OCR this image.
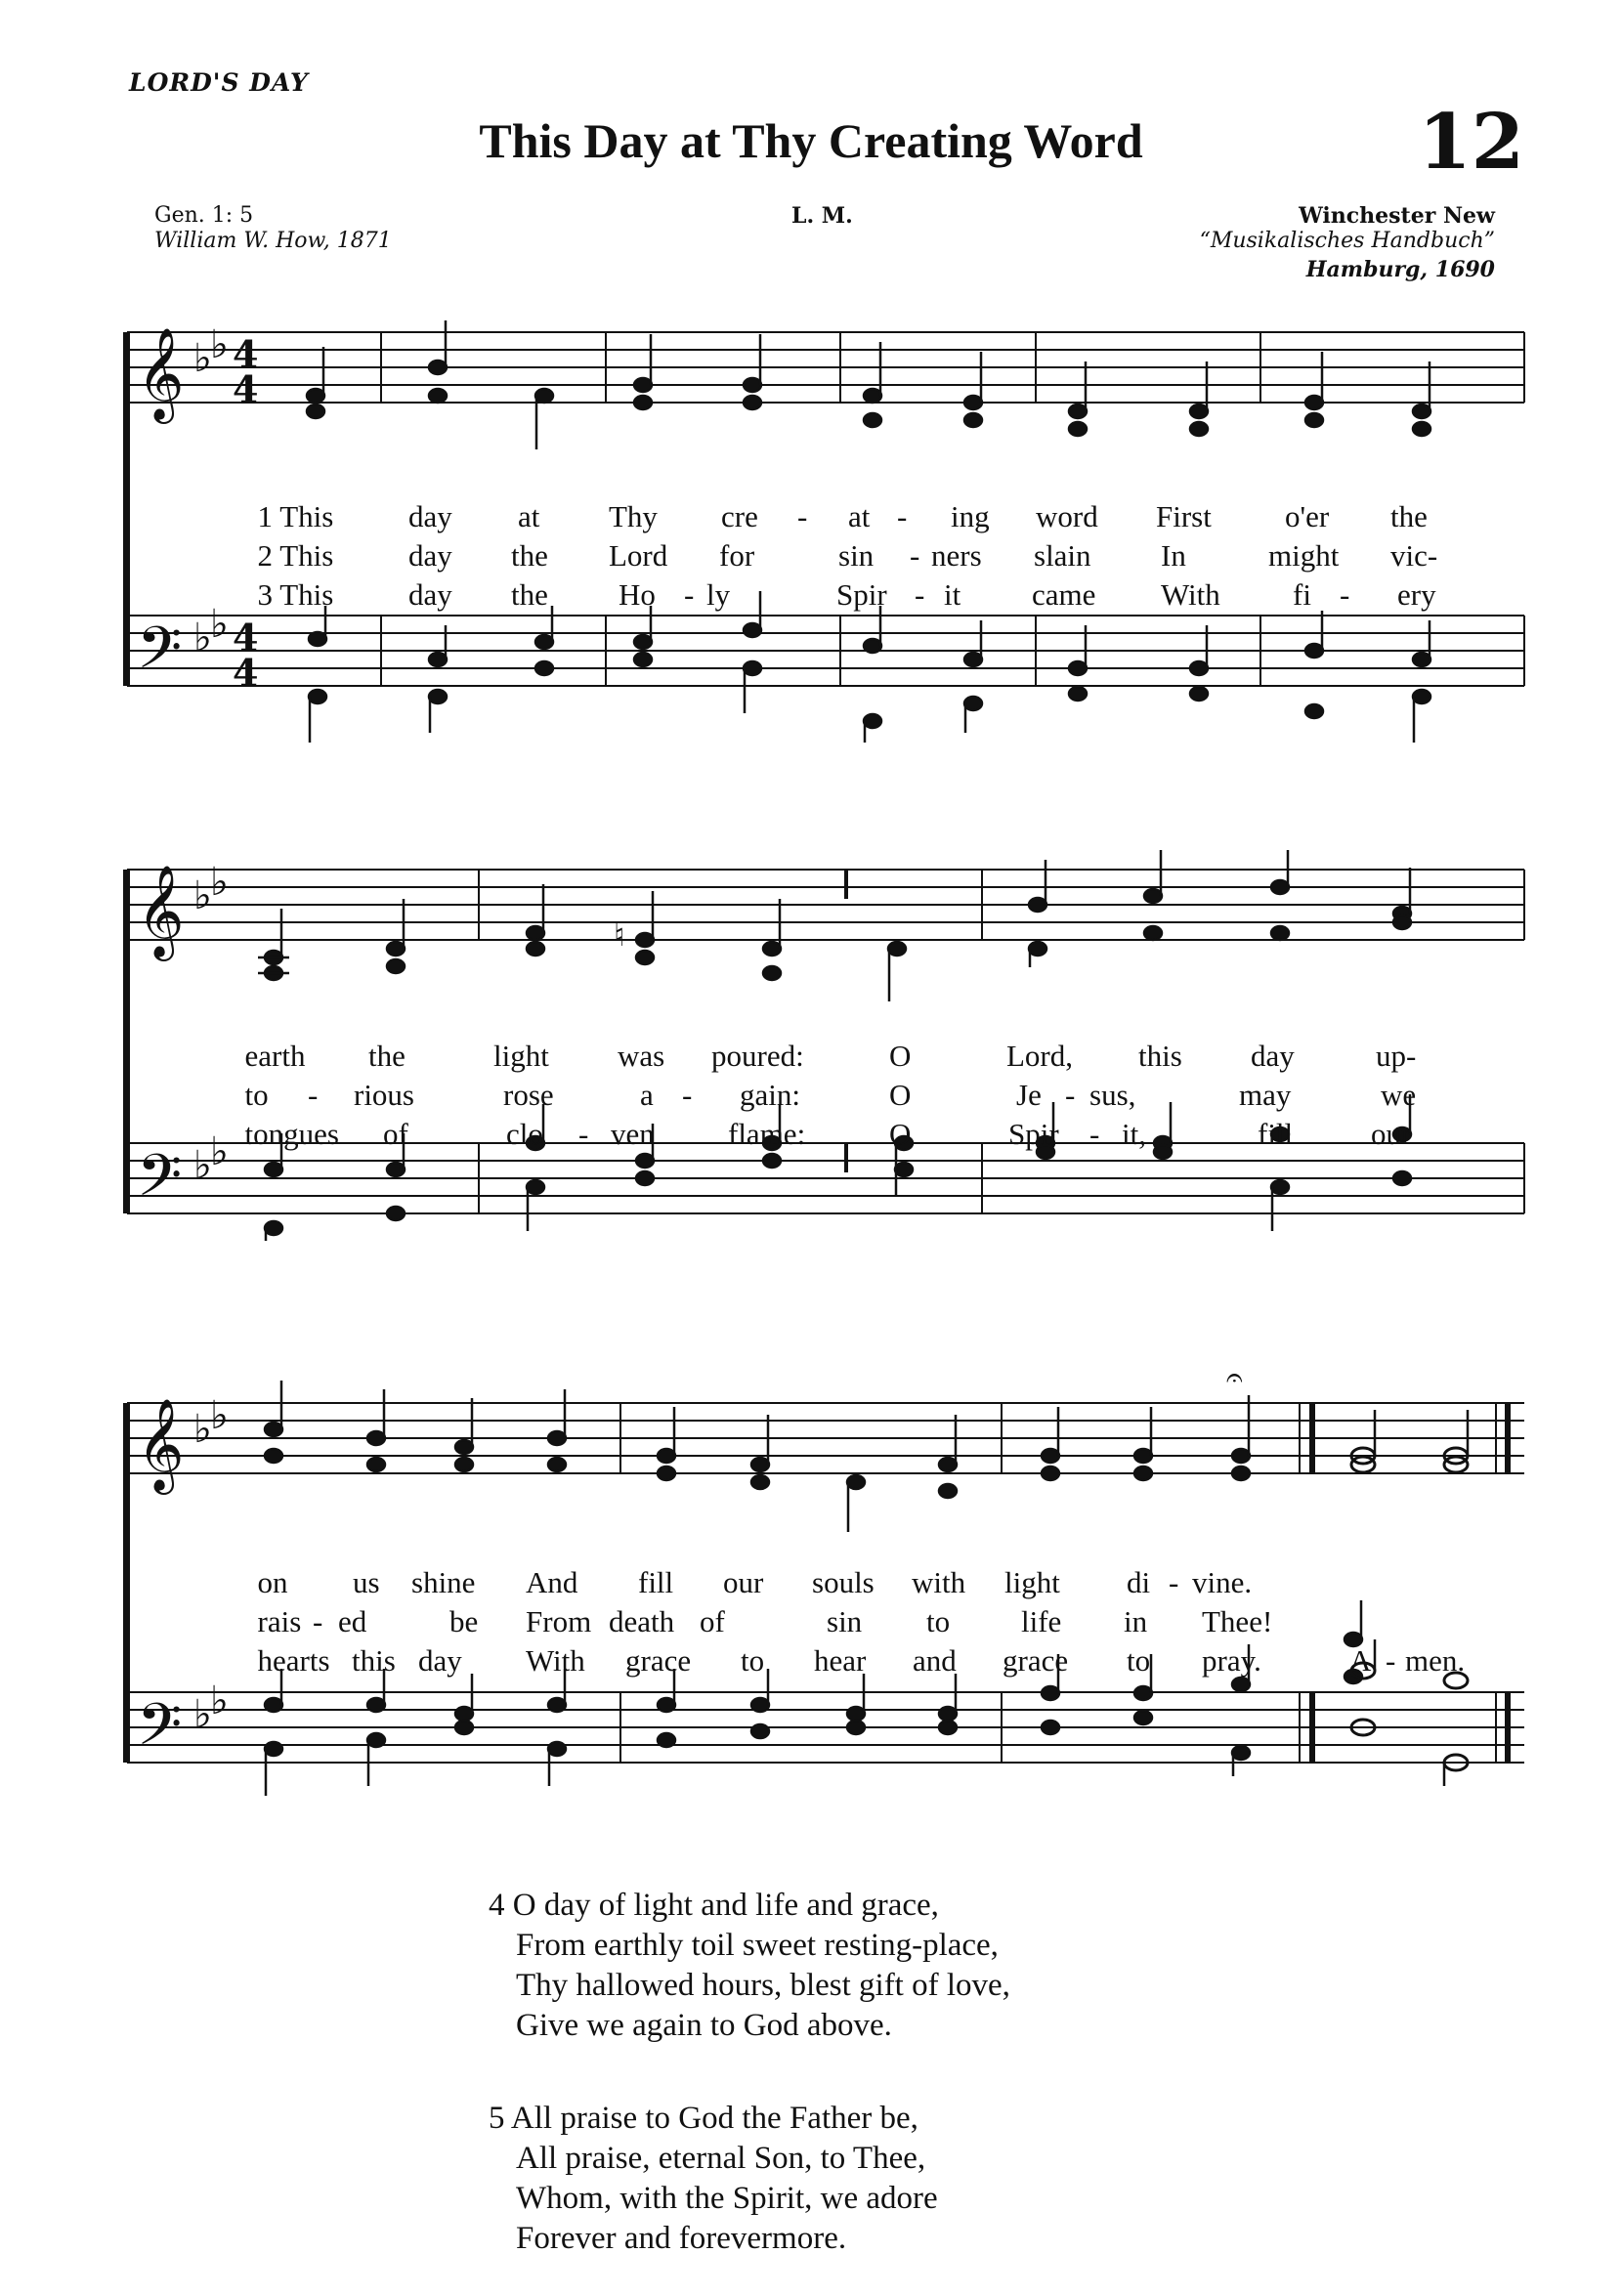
LORD'S DAY
This Day at Thy Creating Word	12
Gen. 1: 5
William W. How, 1871
L. M.	Winchester New
“Musikalisches Handbuch”
Hamburg, 1690
𝄞
𝄢
♭
♭
♭
♭
4
4
4
4

1 This day at Thy cre - at - ing word First o'er the

2 This day the Lord for	sin - ners slain In	might vic-

3 This day the Ho - ly	Spir - it came With fi - ery

𝄞
𝄢
♭
♭
♭
♭
♮

earth the	light was poured:	O	Lord, this day	up-

to - rious	rose	a - gain:	O	Je - sus,	may	we

tongues of	clo - ven flame:	O	Spir - it,	fill	our

𝄞
𝄢
♭
♭
♭
♭
𝄐

on us shine And fill our souls with light di - vine.

rais - ed	be From death of	sin to life in Thee!

hearts this day With grace to hear and grace to pray.	A - men.

4 O day of light and life and grace,
From earthly toil sweet resting-place,
Thy hallowed hours, blest gift of love,
Give we again to God above.
5 All praise to God the Father be,
All praise, eternal Son, to Thee,
Whom, with the Spirit, we adore
Forever and forevermore.
